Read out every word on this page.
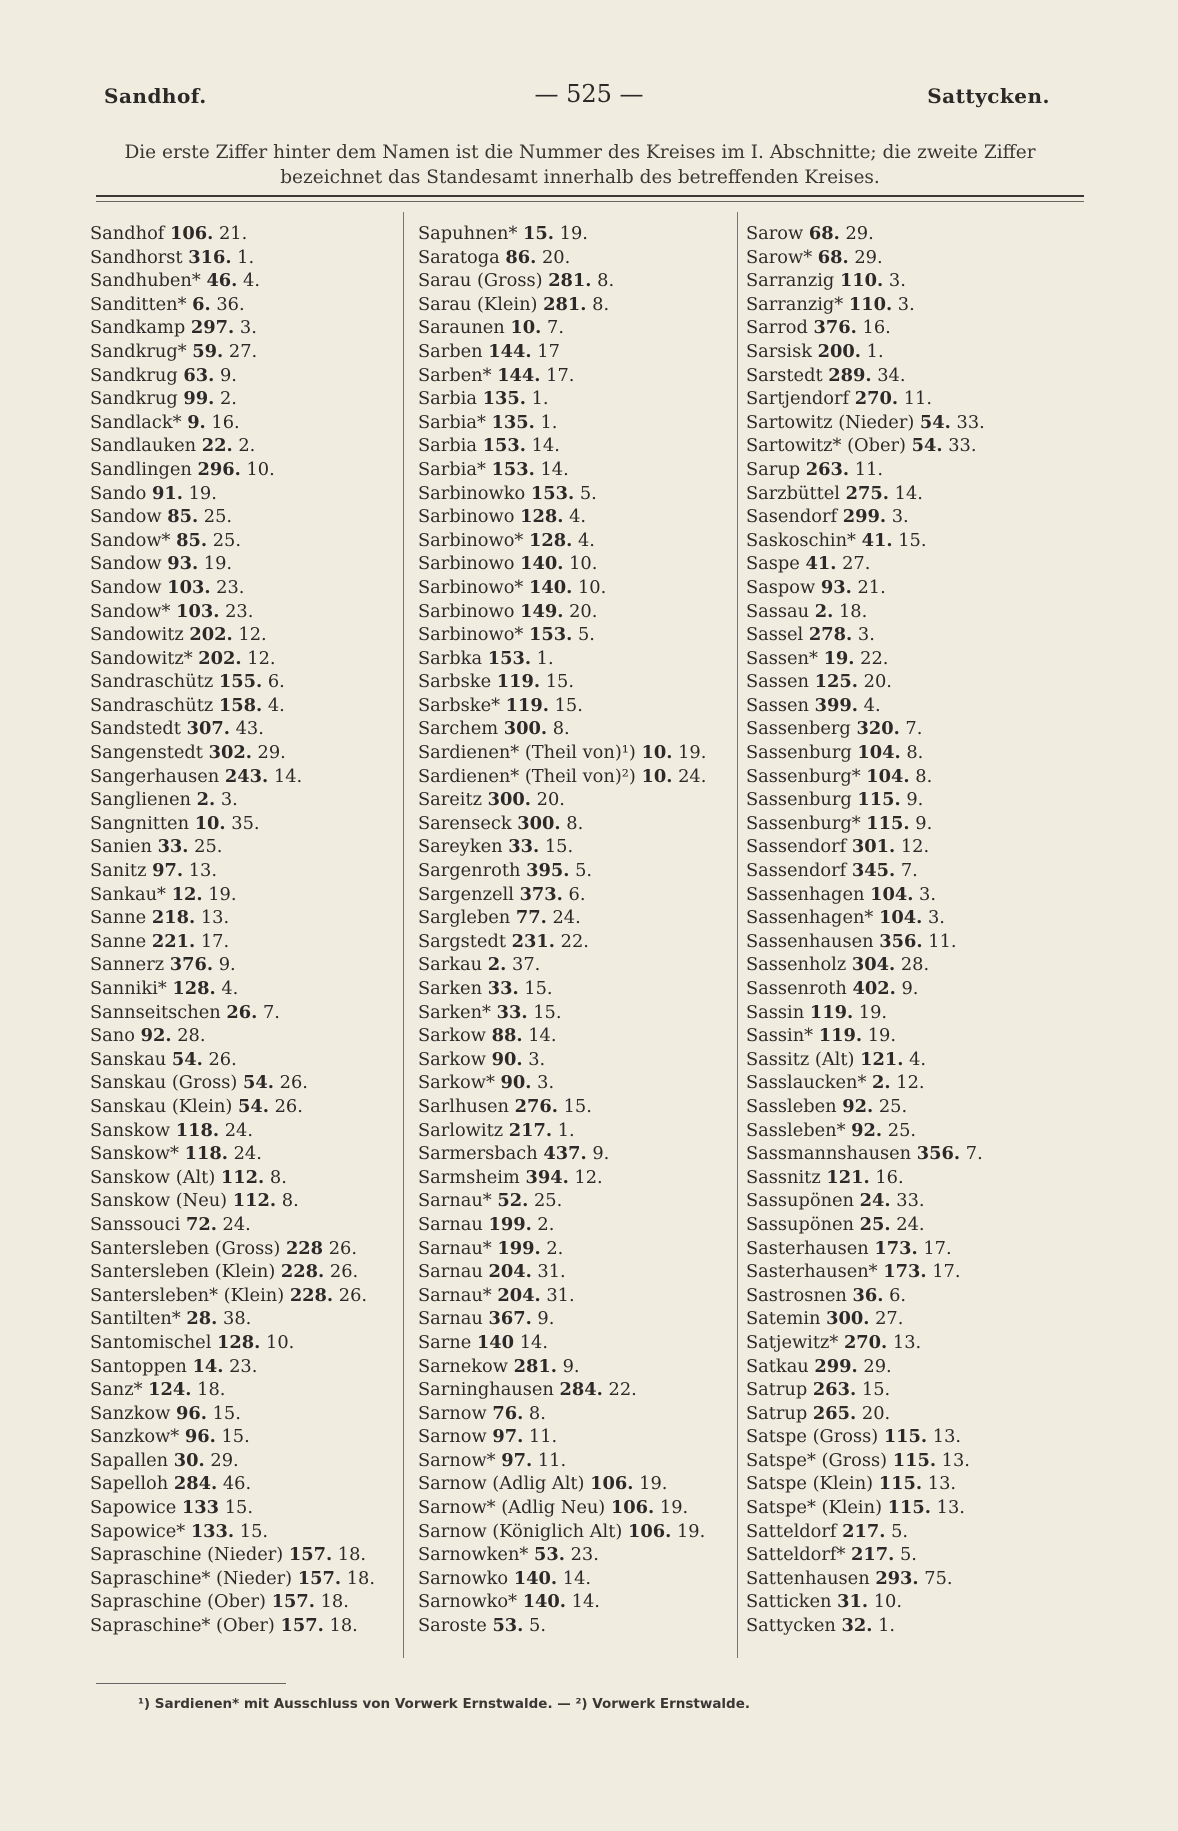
Sandhof.	— 525 —	Sattycken.
Die erste Ziffer hinter dem Namen ist die Nummer des Kreises im I. Abschnitte; die zweite Ziffer bezeichnet das Standesamt innerhalb des betreffenden Kreises.
Sandhof 106. 21.
Sandhorst 316. 1.
Sandhuben* 46. 4.
Sanditten* 6. 36.
Sandkamp 297. 3.
Sandkrug* 59. 27.
Sandkrug 63. 9.
Sandkrug 99. 2.
Sandlack* 9. 16.
Sandlauken 22. 2.
Sandlingen 296. 10.
Sando 91. 19.
Sandow 85. 25.
Sandow* 85. 25.
Sandow 93. 19.
Sandow 103. 23.
Sandow* 103. 23.
Sandowitz 202. 12.
Sandowitz* 202. 12.
Sandraschütz 155. 6.
Sandraschütz 158. 4.
Sandstedt 307. 43.
Sangenstedt 302. 29.
Sangerhausen 243. 14.
Sanglienen 2. 3.
Sangnitten 10. 35.
Sanien 33. 25.
Sanitz 97. 13.
Sankau* 12. 19.
Sanne 218. 13.
Sanne 221. 17.
Sannerz 376. 9.
Sanniki* 128. 4.
Sannseitschen 26. 7.
Sano 92. 28.
Sanskau 54. 26.
Sanskau (Gross) 54. 26.
Sanskau (Klein) 54. 26.
Sanskow 118. 24.
Sanskow* 118. 24.
Sanskow (Alt) 112. 8.
Sanskow (Neu) 112. 8.
Sanssouci 72. 24.
Santersleben (Gross) 228 26.
Santersleben (Klein) 228. 26.
Santersleben* (Klein) 228. 26.
Santilten* 28. 38.
Santomischel 128. 10.
Santoppen 14. 23.
Sanz* 124. 18.
Sanzkow 96. 15.
Sanzkow* 96. 15.
Sapallen 30. 29.
Sapelloh 284. 46.
Sapowice 133 15.
Sapowice* 133. 15.
Sapraschine (Nieder) 157. 18.
Sapraschine* (Nieder) 157. 18.
Sapraschine (Ober) 157. 18.
Sapraschine* (Ober) 157. 18.
Sapuhnen* 15. 19.
Saratoga 86. 20.
Sarau (Gross) 281. 8.
Sarau (Klein) 281. 8.
Saraunen 10. 7.
Sarben 144. 17
Sarben* 144. 17.
Sarbia 135. 1.
Sarbia* 135. 1.
Sarbia 153. 14.
Sarbia* 153. 14.
Sarbinowko 153. 5.
Sarbinowo 128. 4.
Sarbinowo* 128. 4.
Sarbinowo 140. 10.
Sarbinowo* 140. 10.
Sarbinowo 149. 20.
Sarbinowo* 153. 5.
Sarbka 153. 1.
Sarbske 119. 15.
Sarbske* 119. 15.
Sarchem 300. 8.
Sardienen* (Theil von)¹) 10. 19.
Sardienen* (Theil von)²) 10. 24.
Sareitz 300. 20.
Sarenseck 300. 8.
Sareyken 33. 15.
Sargenroth 395. 5.
Sargenzell 373. 6.
Sargleben 77. 24.
Sargstedt 231. 22.
Sarkau 2. 37.
Sarken 33. 15.
Sarken* 33. 15.
Sarkow 88. 14.
Sarkow 90. 3.
Sarkow* 90. 3.
Sarlhusen 276. 15.
Sarlowitz 217. 1.
Sarmersbach 437. 9.
Sarmsheim 394. 12.
Sarnau* 52. 25.
Sarnau 199. 2.
Sarnau* 199. 2.
Sarnau 204. 31.
Sarnau* 204. 31.
Sarnau 367. 9.
Sarne 140 14.
Sarnekow 281. 9.
Sarninghausen 284. 22.
Sarnow 76. 8.
Sarnow 97. 11.
Sarnow* 97. 11.
Sarnow (Adlig Alt) 106. 19.
Sarnow* (Adlig Neu) 106. 19.
Sarnow (Königlich Alt) 106. 19.
Sarnowken* 53. 23.
Sarnowko 140. 14.
Sarnowko* 140. 14.
Saroste 53. 5.
Sarow 68. 29.
Sarow* 68. 29.
Sarranzig 110. 3.
Sarranzig* 110. 3.
Sarrod 376. 16.
Sarsisk 200. 1.
Sarstedt 289. 34.
Sartjendorf 270. 11.
Sartowitz (Nieder) 54. 33.
Sartowitz* (Ober) 54. 33.
Sarup 263. 11.
Sarzbüttel 275. 14.
Sasendorf 299. 3.
Saskoschin* 41. 15.
Saspe 41. 27.
Saspow 93. 21.
Sassau 2. 18.
Sassel 278. 3.
Sassen* 19. 22.
Sassen 125. 20.
Sassen 399. 4.
Sassenberg 320. 7.
Sassenburg 104. 8.
Sassenburg* 104. 8.
Sassenburg 115. 9.
Sassenburg* 115. 9.
Sassendorf 301. 12.
Sassendorf 345. 7.
Sassenhagen 104. 3.
Sassenhagen* 104. 3.
Sassenhausen 356. 11.
Sassenholz 304. 28.
Sassenroth 402. 9.
Sassin 119. 19.
Sassin* 119. 19.
Sassitz (Alt) 121. 4.
Sasslaucken* 2. 12.
Sassleben 92. 25.
Sassleben* 92. 25.
Sassmannshausen 356. 7.
Sassnitz 121. 16.
Sassupönen 24. 33.
Sassupönen 25. 24.
Sasterhausen 173. 17.
Sasterhausen* 173. 17.
Sastrosnen 36. 6.
Satemin 300. 27.
Satjewitz* 270. 13.
Satkau 299. 29.
Satrup 263. 15.
Satrup 265. 20.
Satspe (Gross) 115. 13.
Satspe* (Gross) 115. 13.
Satspe (Klein) 115. 13.
Satspe* (Klein) 115. 13.
Satteldorf 217. 5.
Satteldorf* 217. 5.
Sattenhausen 293. 75.
Satticken 31. 10.
Sattycken 32. 1.
¹) Sardienen* mit Ausschluss von Vorwerk Ernstwalde. — ²) Vorwerk Ernstwalde.
